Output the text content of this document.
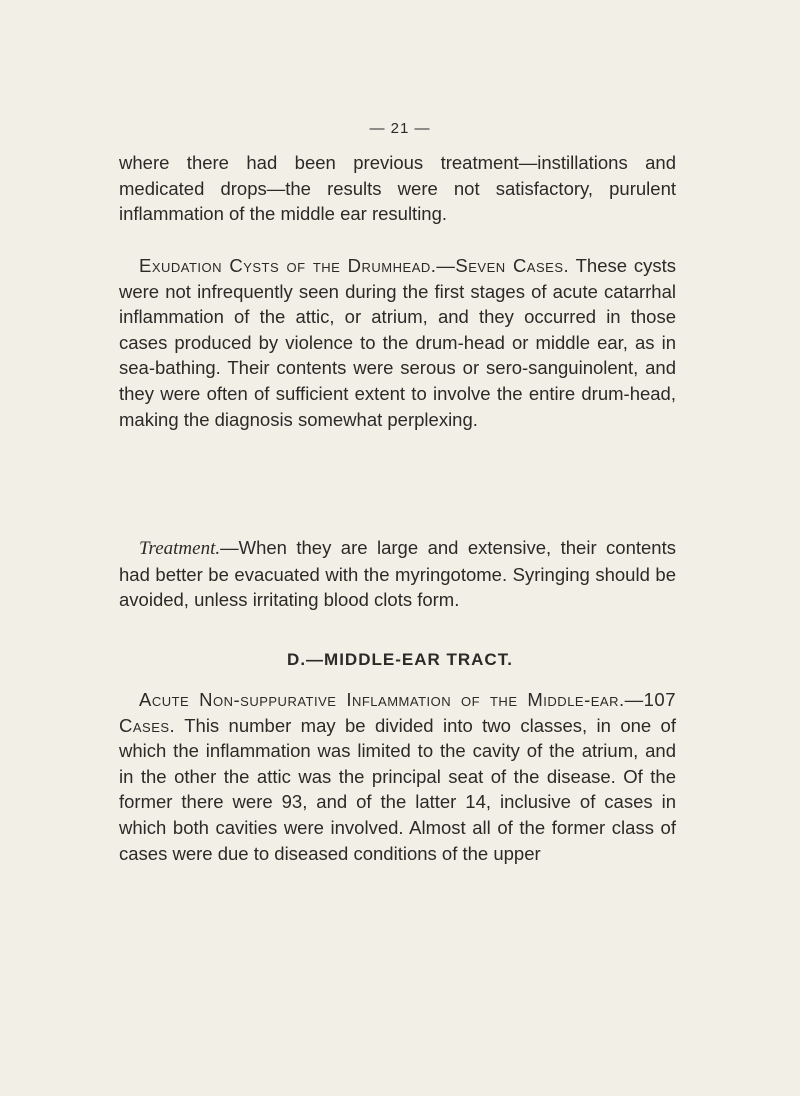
— 21 —

where there had been previous treatment—instillations and medicated drops—the results were not satisfactory, purulent inflammation of the middle ear resulting.

Exudation Cysts of the Drumhead.—Seven Cases. These cysts were not infrequently seen during the first stages of acute catarrhal inflammation of the attic, or atrium, and they occurred in those cases produced by violence to the drum-head or middle ear, as in sea-bathing. Their contents were serous or sero-sanguinolent, and they were often of sufficient extent to involve the entire drum-head, making the diagnosis somewhat perplexing.

Treatment.—When they are large and extensive, their contents had better be evacuated with the myringotome. Syringing should be avoided, unless irritating blood clots form.

D.—MIDDLE-EAR TRACT.

Acute Non-suppurative Inflammation of the Middle-ear.—107 Cases. This number may be divided into two classes, in one of which the inflammation was limited to the cavity of the atrium, and in the other the attic was the principal seat of the disease. Of the former there were 93, and of the latter 14, inclusive of cases in which both cavities were involved. Almost all of the former class of cases were due to diseased conditions of the upper
